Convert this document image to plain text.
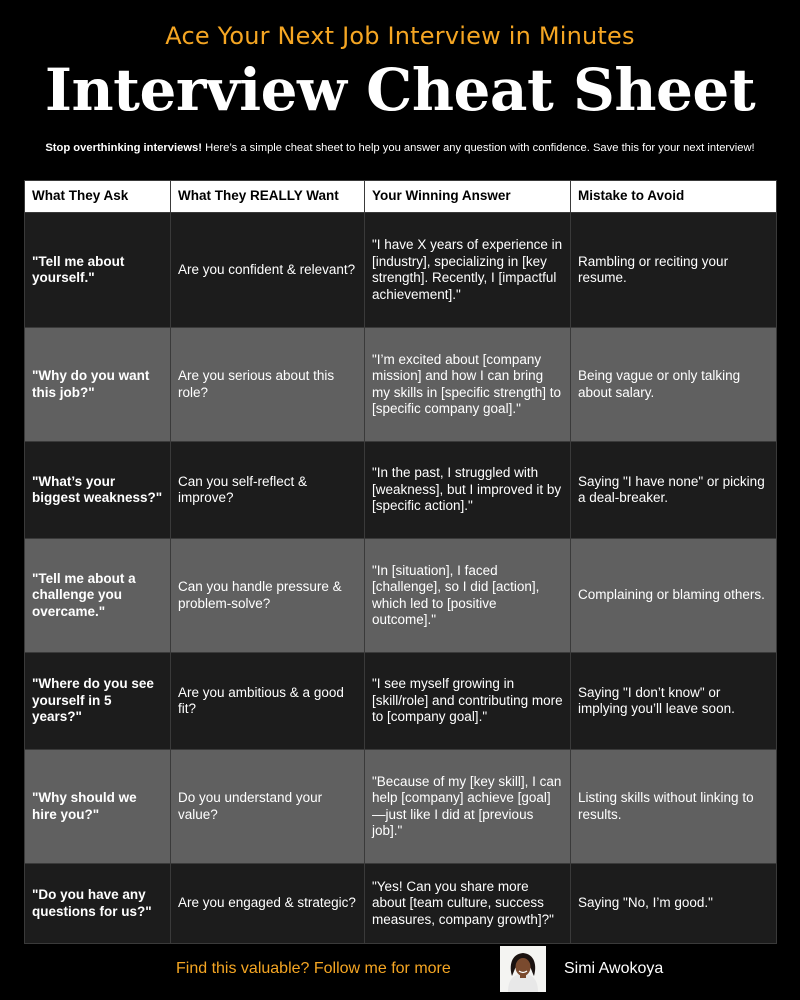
Ace Your Next Job Interview in Minutes
Interview Cheat Sheet
Stop overthinking interviews! Here’s a simple cheat sheet to help you answer any question with confidence. Save this for your next interview!
What They Ask	What They REALLY Want	Your Winning Answer	Mistake to Avoid
"Tell me about yourself."	Are you confident & relevant?	"I have X years of experience in [industry], specializing in [key strength]. Recently, I [impactful achievement]."	Rambling or reciting your resume.
"Why do you want this job?"	Are you serious about this role?	"I’m excited about [company mission] and how I can bring my skills in [specific strength] to [specific company goal]."	Being vague or only talking about salary.
"What’s your biggest weakness?"	Can you self-reflect & improve?	"In the past, I struggled with [weakness], but I improved it by [specific action]."	Saying "I have none" or picking a deal-breaker.
"Tell me about a challenge you overcame."	Can you handle pressure & problem-solve?	"In [situation], I faced [challenge], so I did [action], which led to [positive outcome]."	Complaining or blaming others.
"Where do you see yourself in 5 years?"	Are you ambitious & a good fit?	"I see myself growing in [skill/role] and contributing more to [company goal]."	Saying "I don’t know" or implying you’ll leave soon.
"Why should we hire you?"	Do you understand your value?	"Because of my [key skill], I can help [company] achieve [goal]—just like I did at [previous job]."	Listing skills without linking to results.
"Do you have any questions for us?"	Are you engaged & strategic?	"Yes! Can you share more about [team culture, success measures, company growth]?"	Saying "No, I’m good."
Find this valuable? Follow me for more	Simi Awokoya
